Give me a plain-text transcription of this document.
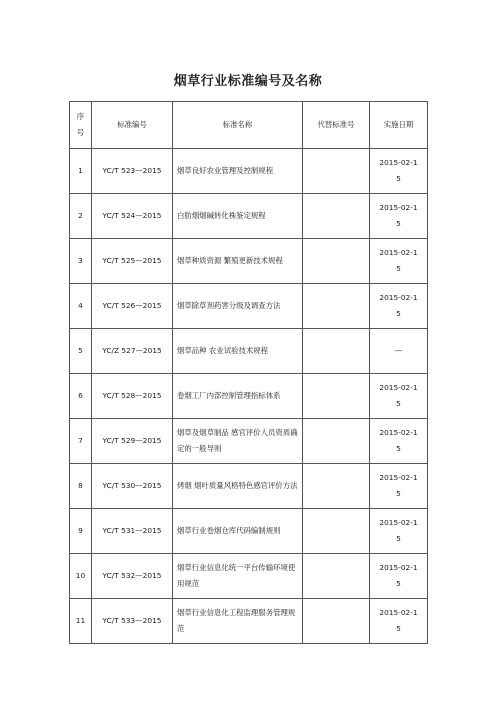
烟草行业标准编号及名称
序号	标准编号	标准名称	代替标准号	实施日期
1	YC/T 523—2015	烟草良好农业管理及控制规程		2015-02-15
2	YC/T 524—2015	白肋烟烟碱转化株鉴定规程		2015-02-15
3	YC/T 525—2015	烟草种质资源 繁殖更新技术规程		2015-02-15
4	YC/T 526—2015	烟草除草剂药害分级及调查方法		2015-02-15
5	YC/Z 527—2015	烟草品种 农业试验技术规程		—
6	YC/T 528—2015	卷烟工厂内部控制管理指标体系		2015-02-15
7	YC/T 529—2015	烟草及烟草制品 感官评价人员资质确定的一般导则		2015-02-15
8	YC/T 530—2015	烤烟 烟叶质量风格特色感官评价方法		2015-02-15
9	YC/T 531—2015	烟草行业卷烟仓库代码编制规则		2015-02-15
10	YC/T 532—2015	烟草行业信息化统一平台传输环境使用规范		2015-02-15
11	YC/T 533—2015	烟草行业信息化工程监理服务管理规范		2015-02-15
